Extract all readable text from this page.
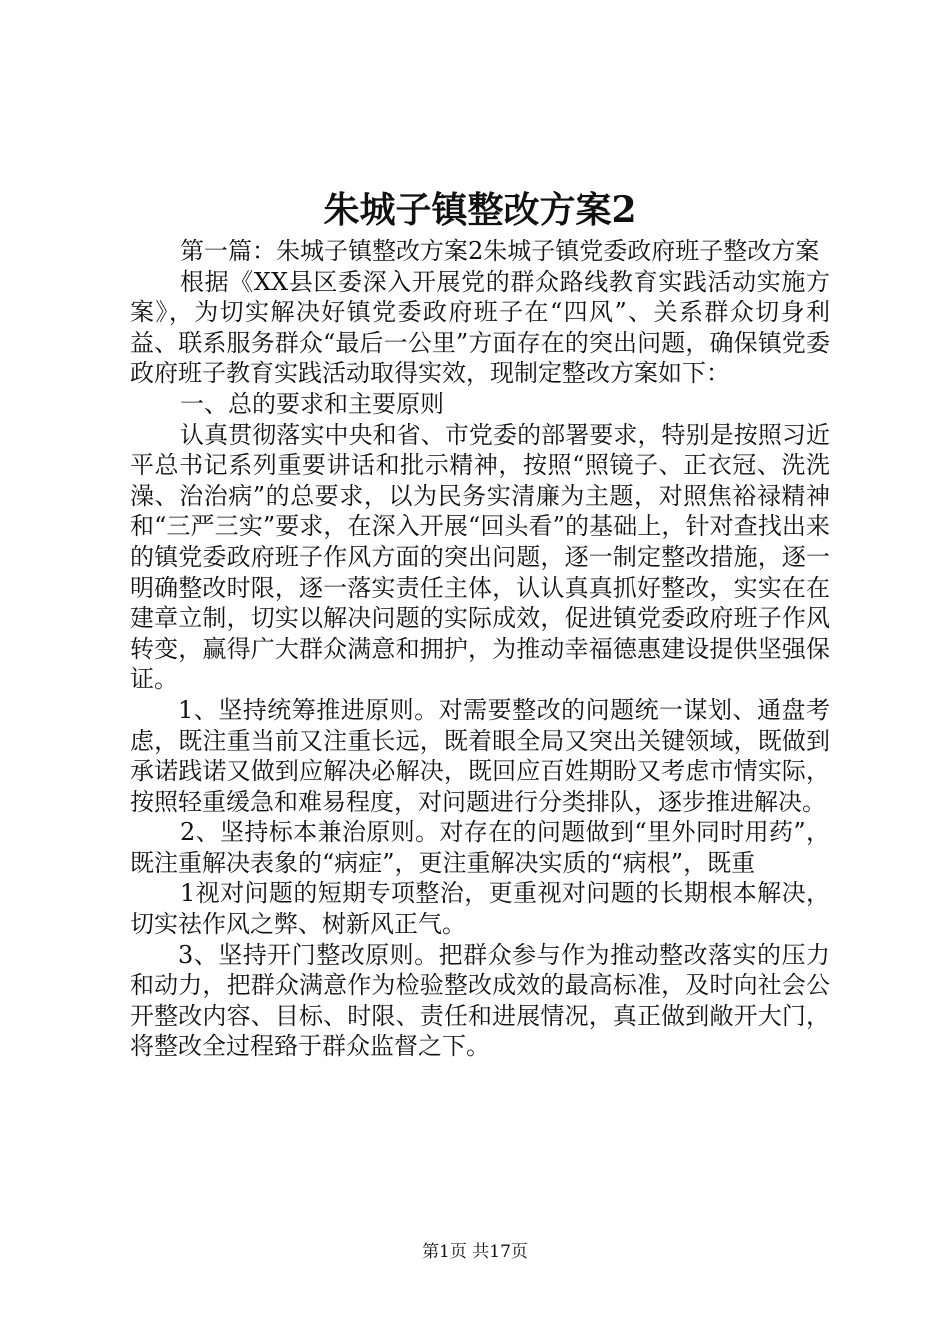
朱城子镇整改方案2

第一篇：朱城子镇整改方案2朱城子镇党委政府班子整改方案

根据《XX县区委深入开展党的群众路线教育实践活动实施方案》，为切实解决好镇党委政府班子在“四风”、关系群众切身利益、联系服务群众“最后一公里”方面存在的突出问题，确保镇党委政府班子教育实践活动取得实效，现制定整改方案如下：

一、总的要求和主要原则

认真贯彻落实中央和省、市党委的部署要求，特别是按照习近平总书记系列重要讲话和批示精神，按照“照镜子、正衣冠、洗洗澡、治治病”的总要求，以为民务实清廉为主题，对照焦裕禄精神和“三严三实”要求，在深入开展“回头看”的基础上，针对查找出来的镇党委政府班子作风方面的突出问题，逐一制定整改措施，逐一明确整改时限，逐一落实责任主体，认认真真抓好整改，实实在在建章立制，切实以解决问题的实际成效，促进镇党委政府班子作风转变，赢得广大群众满意和拥护，为推动幸福德惠建设提供坚强保证。

1、坚持统筹推进原则。对需要整改的问题统一谋划、通盘考虑，既注重当前又注重长远，既着眼全局又突出关键领域，既做到承诺践诺又做到应解决必解决，既回应百姓期盼又考虑市情实际，按照轻重缓急和难易程度，对问题进行分类排队，逐步推进解决。

2、坚持标本兼治原则。对存在的问题做到“里外同时用药”，既注重解决表象的“病症”，更注重解决实质的“病根”，既重

1视对问题的短期专项整治，更重视对问题的长期根本解决，切实祛作风之弊、树新风正气。

3、坚持开门整改原则。把群众参与作为推动整改落实的压力和动力，把群众满意作为检验整改成效的最高标准，及时向社会公开整改内容、目标、时限、责任和进展情况，真正做到敞开大门，将整改全过程臵于群众监督之下。

第1页 共17页
